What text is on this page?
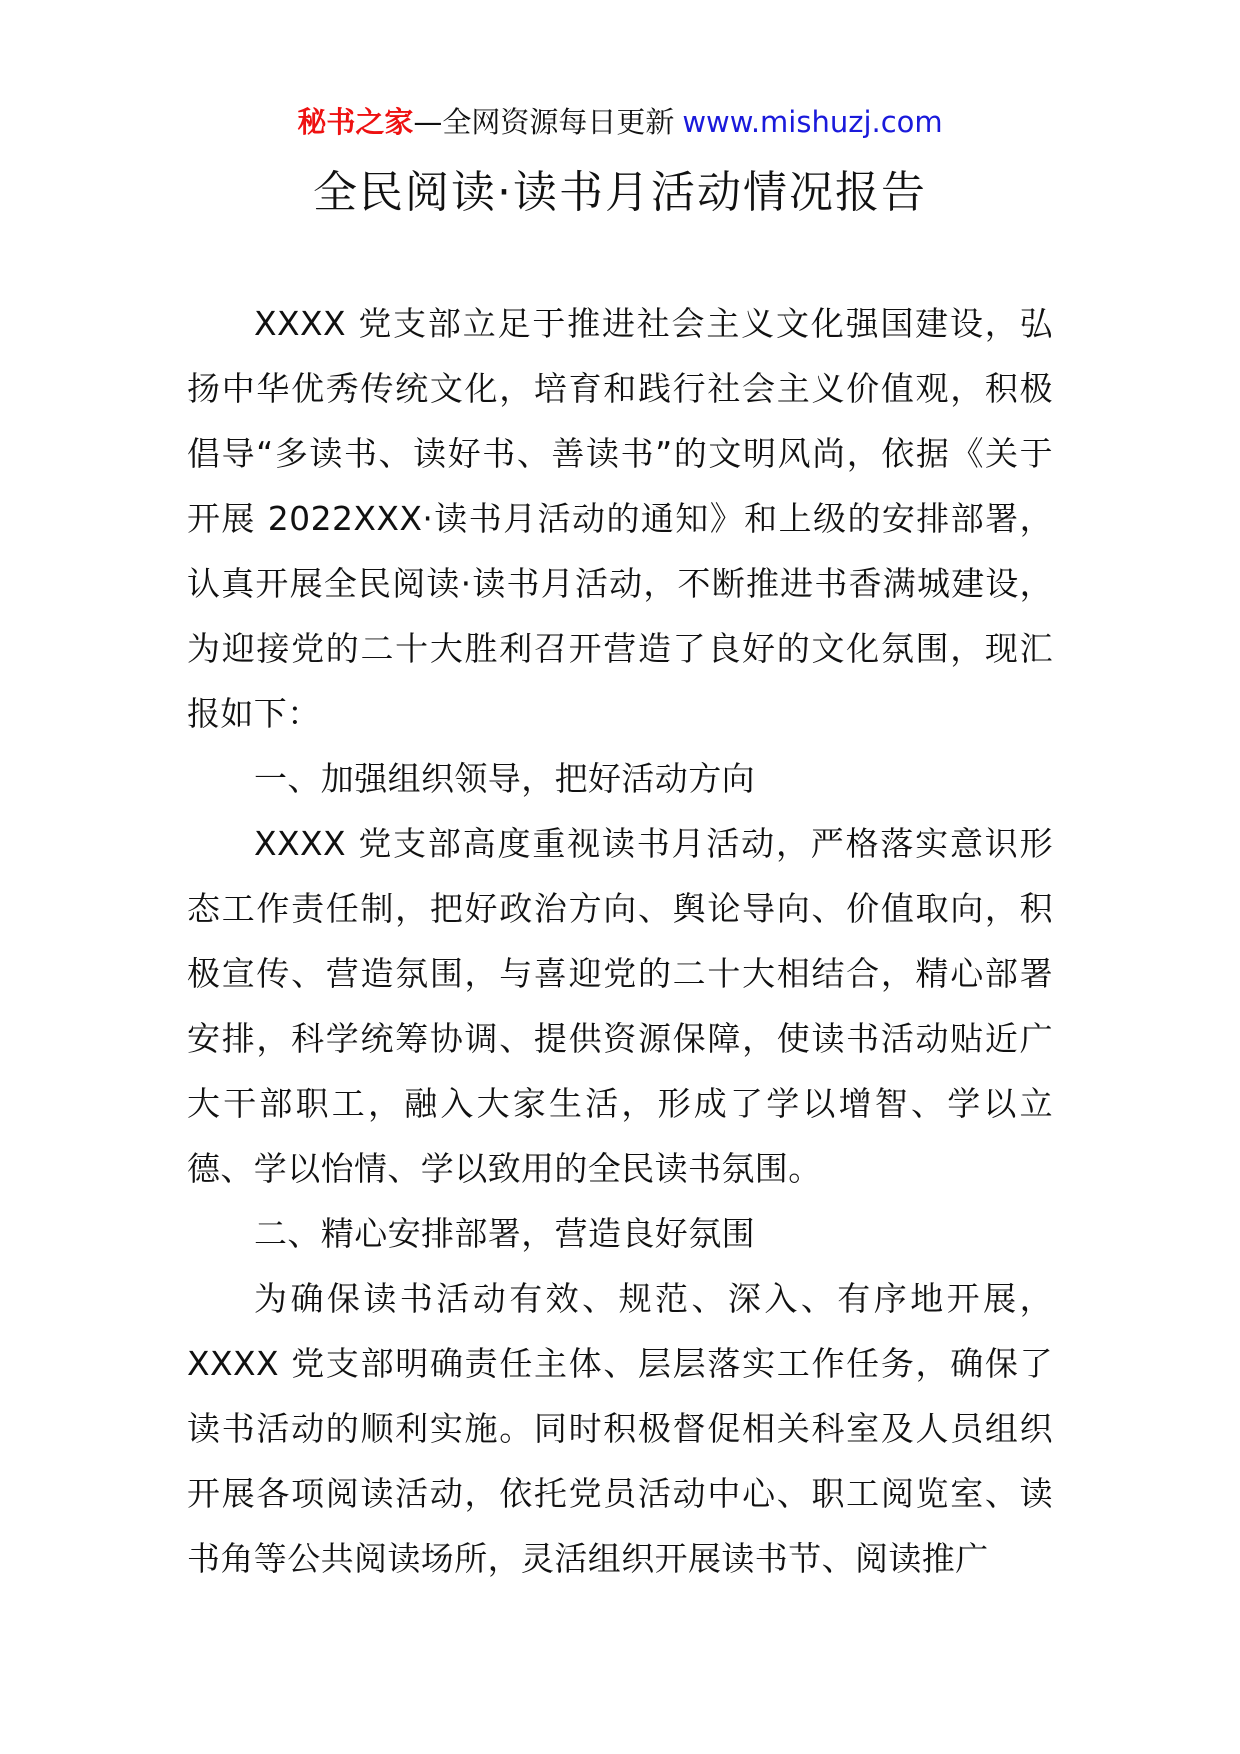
秘书之家—全网资源每日更新 www.mishuzj.com
全民阅读·读书月活动情况报告

XXXX 党支部立足于推进社会主义文化强国建设，弘扬中华优秀传统文化，培育和践行社会主义价值观，积极倡导“多读书、读好书、善读书”的文明风尚，依据《关于开展 2022XXX·读书月活动的通知》和上级的安排部署，认真开展全民阅读·读书月活动，不断推进书香满城建设，为迎接党的二十大胜利召开营造了良好的文化氛围，现汇报如下：

一、加强组织领导，把好活动方向

XXXX 党支部高度重视读书月活动，严格落实意识形态工作责任制，把好政治方向、舆论导向、价值取向，积极宣传、营造氛围，与喜迎党的二十大相结合，精心部署安排，科学统筹协调、提供资源保障，使读书活动贴近广大干部职工，融入大家生活，形成了学以增智、学以立德、学以怡情、学以致用的全民读书氛围。

二、精心安排部署，营造良好氛围

为确保读书活动有效、规范、深入、有序地开展，XXXX 党支部明确责任主体、层层落实工作任务，确保了读书活动的顺利实施。同时积极督促相关科室及人员组织开展各项阅读活动，依托党员活动中心、职工阅览室、读书角等公共阅读场所，灵活组织开展读书节、阅读推广
